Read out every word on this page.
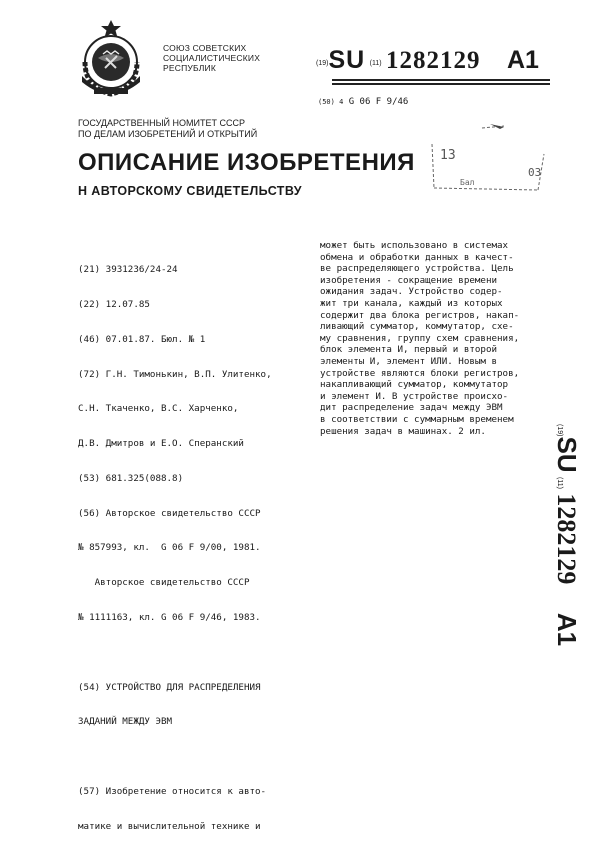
СОЮЗ СОВЕТСКИХ
СОЦИАЛИСТИЧЕСКИХ
РЕСПУБЛИК	(19)SU (11) 1282129 A1
(50) 4 G 06 F 9/46
ГОСУДАРСТВЕННЫЙ НОМИТЕТ СССР
ПО ДЕЛАМ ИЗОБРЕТЕНИЙ И ОТКРЫТИЙ
ОПИСАНИЕ ИЗОБРЕТЕНИЯ
Н АВТОРСКОМУ СВИДЕТЕЛЬСТВУ
13
03
Бал

(21) 3931236/24-24

(22) 12.07.85

(46) 07.01.87. Бюл. № 1

(72) Г.Н. Тимонькин, В.П. Улитенко,

С.Н. Ткаченко, В.С. Харченко,

Д.В. Дмитров и Е.О. Сперанский

(53) 681.325(088.8)

(56) Авторское свидетельство СССР

№ 857993, кл.  G 06 F 9/00, 1981.

Авторское свидетельство СССР

№ 1111163, кл. G 06 F 9/46, 1983.

(54) УСТРОЙСТВО ДЛЯ РАСПРЕДЕЛЕНИЯ

ЗАДАНИЙ МЕЖДУ ЭВМ

(57) Изобретение относится к авто-

матике и вычислительной технике и

может быть использовано в системах
обмена и обработки данных в качест-
ве распределяющего устройства. Цель
изобретения - сокращение времени
ожидания задач. Устройство содер-
жит три канала, каждый из которых
содержит два блока регистров, накап-
ливающий сумматор, коммутатор, схе-
му сравнения, группу схем сравнения,
блок элемента И, первый и второй
элементы И, элемент ИЛИ. Новым в
устройстве являются блоки регистров,
накапливающий сумматор, коммутатор
и элемент И. В устройстве происхо-
дит распределение задач между ЭВМ
в соответствии с суммарным временем
решения задач в машинах. 2 ил.	(19)SU (11) 1282129 A1
